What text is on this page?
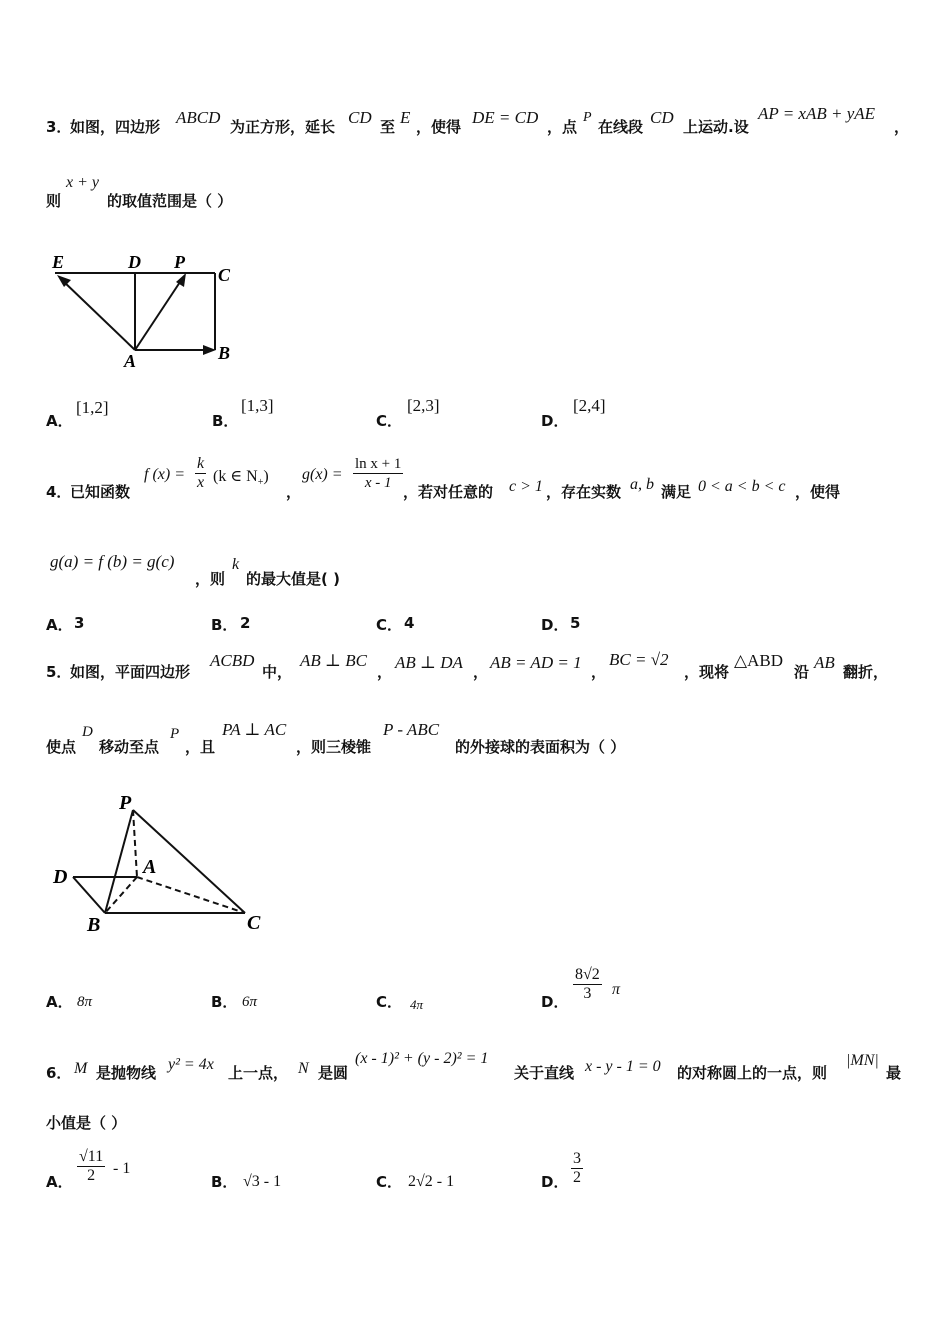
3．
如图，四边形 ABCD 为正方形，延长 CD 至 E ，使得 DE = CD ，点
P
在线段 CD 上运动.设
AP = xAB + yAE
，
则
x + y
的取值范围是（ ）
E	D P
C
A	B
A．
[1,2]
B．
[1,3]
C．
[2,3]
D．
[2,4]
4．
已知函数
f $(x) = \frac{k}{x} (k$ ∈ $N_+$)
，
$g(x) = \frac{\text{ln x + 1}}{x - 1}$ ，若对任意的 c > 1 ，存在实数 a, b 满足 0 < a < b < c ，使得
g(a) = f (b) = g(c)
，则
k
的最大值是( )
A． 3	B． 2	C． 4	D． 5
5．
如图，平面四边形
ACBD
中，
AB ⊥ BC
， AB ⊥ DA ， AB = AD = 1 ，
BC = √2
，现将
△ABD
沿 AB 翻折，
使点
D
移动至点
P
，且
PA ⊥ AC
，则三棱锥
P - ABC
的外接球的表面积为（ ）
P
A
D
B	C
A． 8π	B． 6π	C． 4π	D． $\frac{8√2}{3}$ π
6． M 是抛物线 y² = 4x 上一点， N 是圆
(x - 1)² + (y - 2)² = 1
关于直线 x - y - 1 = 0 的对称圆上的一点，则
|MN|
最
小值是（ ）
A． $\frac{√11}{2} - 1$
B． √3 - 1	C． 2√2 - 1	D． $\frac{3}{2}$
